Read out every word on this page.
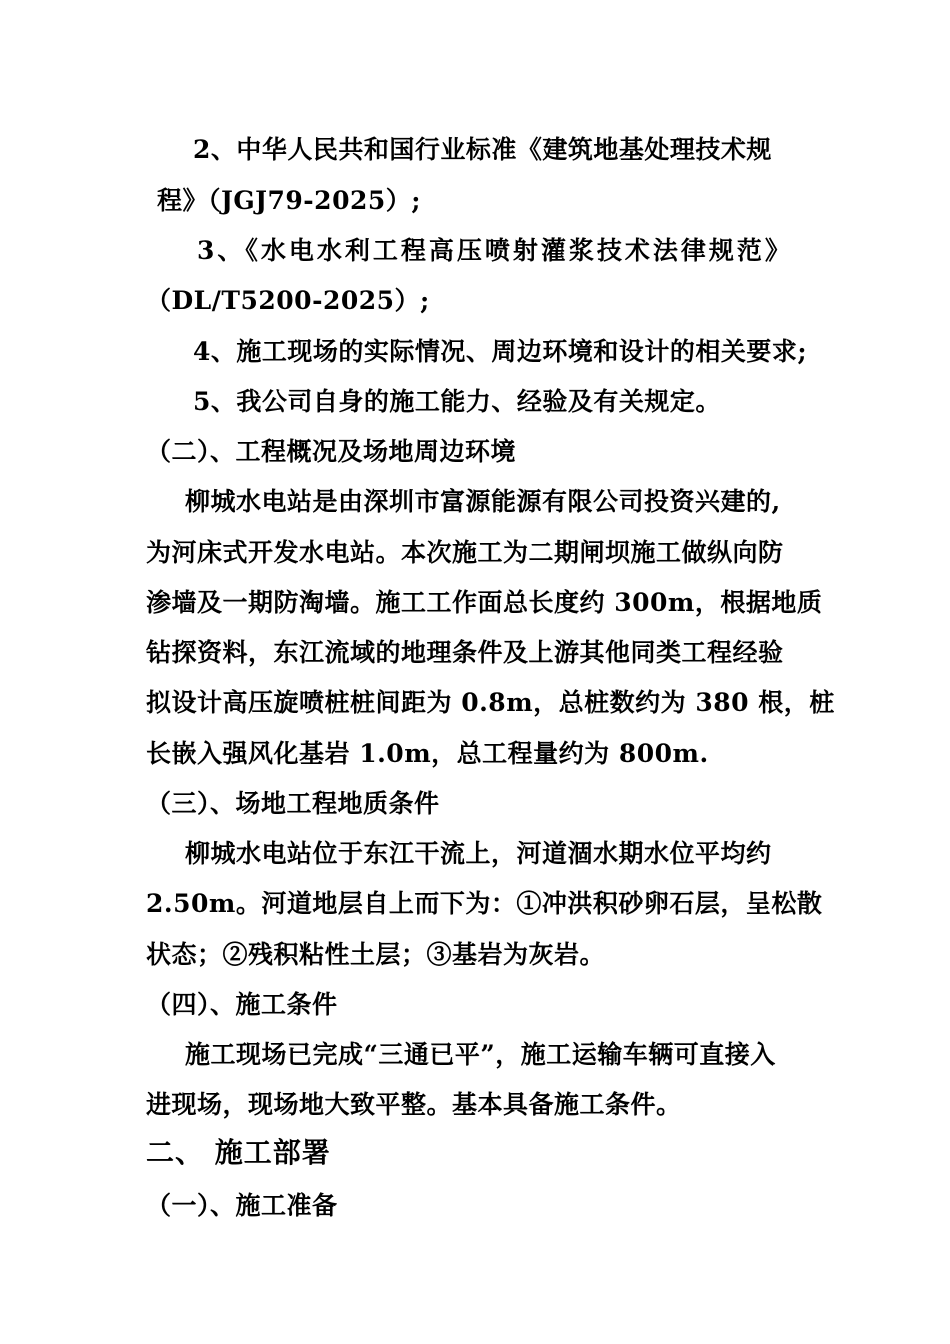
2、中华人民共和国行业标准《建筑地基处理技术规
程》（JGJ79-2025）;
3、《水电水利工程高压喷射灌浆技术法律规范》
（DL/T5200-2025）;
4、施工现场的实际情况、周边环境和设计的相关要求;
5、我公司自身的施工能力、经验及有关规定。
（二）、工程概况及场地周边环境
柳城水电站是由深圳市富源能源有限公司投资兴建的,
为河床式开发水电站。本次施工为二期闸坝施工做纵向防
渗墙及一期防淘墙。施工工作面总长度约 300m，根据地质
钻探资料，东江流域的地理条件及上游其他同类工程经验
拟设计高压旋喷桩桩间距为 0.8m，总桩数约为 380 根，桩
长嵌入强风化基岩 1.0m，总工程量约为 800m.
（三）、场地工程地质条件
柳城水电站位于东江干流上，河道涸水期水位平均约
2.50m。河道地层自上而下为：①冲洪积砂卵石层，呈松散
状态；②残积粘性土层；③基岩为灰岩。
（四）、施工条件
施工现场已完成“三通已平”，施工运输车辆可直接入
进现场，现场地大致平整。基本具备施工条件。
二、 施工部署
（一）、施工准备
